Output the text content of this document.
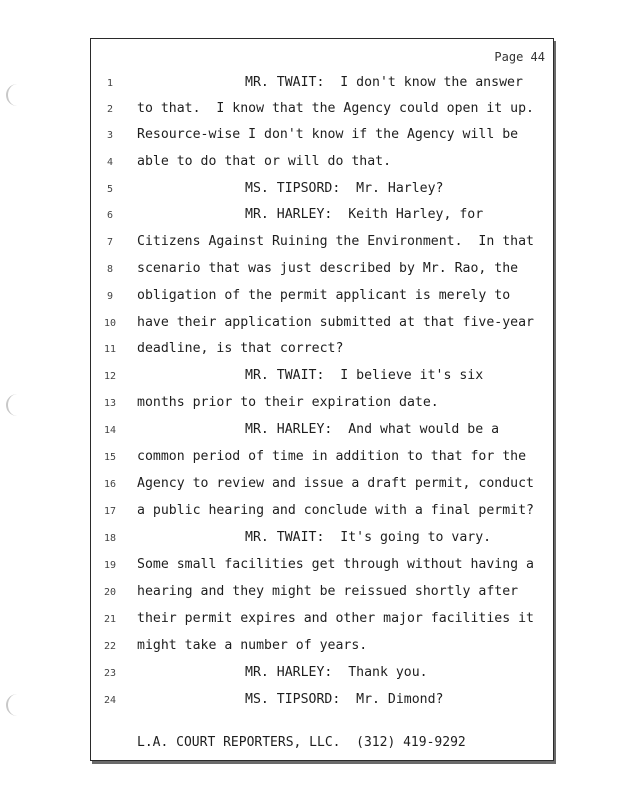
Page 44
1	MR. TWAIT:  I don't know the answer
2	to that.  I know that the Agency could open it up.
3	Resource-wise I don't know if the Agency will be
4	able to do that or will do that.
5	MS. TIPSORD:  Mr. Harley?
6	MR. HARLEY:  Keith Harley, for
7	Citizens Against Ruining the Environment.  In that
8	scenario that was just described by Mr. Rao, the
9	obligation of the permit applicant is merely to
10	have their application submitted at that five-year
11	deadline, is that correct?
12	MR. TWAIT:  I believe it's six
13	months prior to their expiration date.
14	MR. HARLEY:  And what would be a
15	common period of time in addition to that for the
16	Agency to review and issue a draft permit, conduct
17	a public hearing and conclude with a final permit?
18	MR. TWAIT:  It's going to vary.
19	Some small facilities get through without having a
20	hearing and they might be reissued shortly after
21	their permit expires and other major facilities it
22	might take a number of years.
23	MR. HARLEY:  Thank you.
24	MS. TIPSORD:  Mr. Dimond?
L.A. COURT REPORTERS, LLC.  (312) 419-9292
